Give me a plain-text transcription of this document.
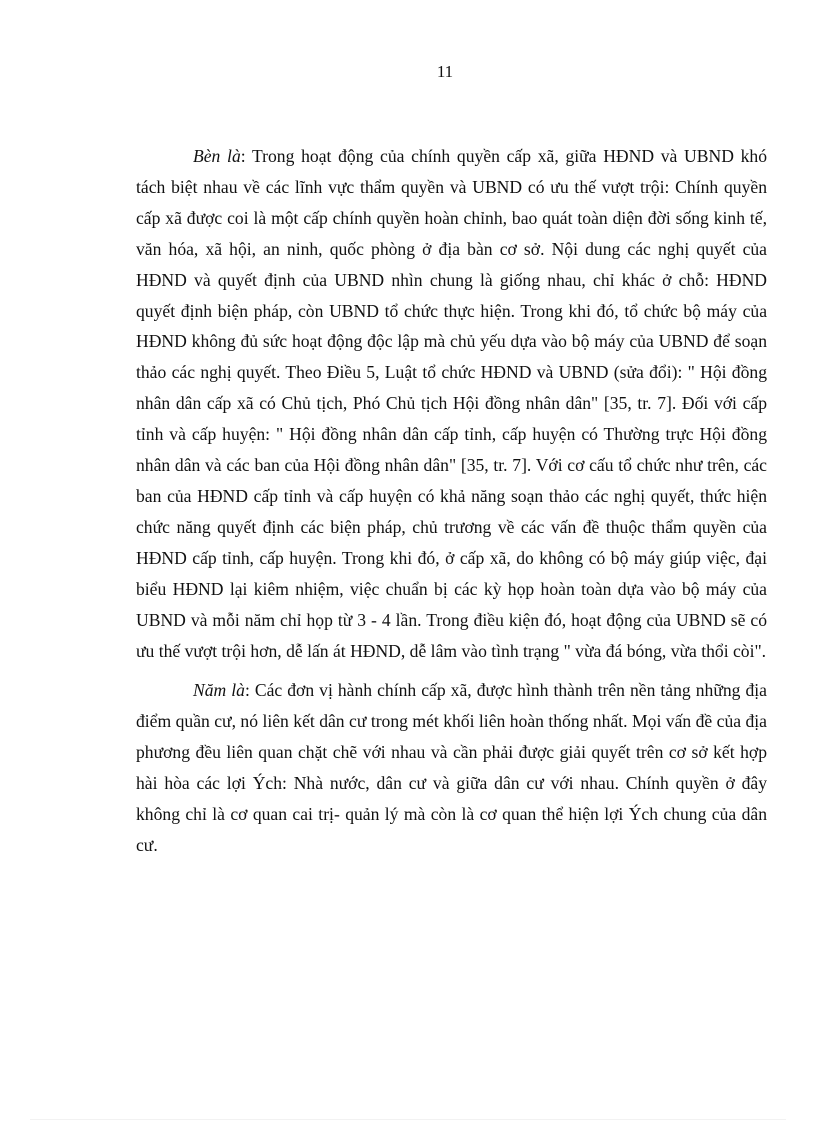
11

Bèn là: Trong hoạt động của chính quyền cấp xã, giữa HĐND và UBND khó tách biệt nhau về các lĩnh vực thẩm quyền và UBND có ưu thế vượt trội: Chính quyền cấp xã được coi là một cấp chính quyền hoàn chỉnh, bao quát toàn diện đời sống kinh tế, văn hóa, xã hội, an ninh, quốc phòng ở địa bàn cơ sở. Nội dung các nghị quyết của HĐND và quyết định của UBND nhìn chung là giống nhau, chỉ khác ở chỗ: HĐND quyết định biện pháp, còn UBND tổ chức thực hiện. Trong khi đó, tổ chức bộ máy của HĐND không đủ sức hoạt động độc lập mà chủ yếu dựa vào bộ máy của UBND để soạn thảo các nghị quyết. Theo Điều 5, Luật tổ chức HĐND và UBND (sửa đổi): " Hội đồng nhân dân cấp xã có Chủ tịch, Phó Chủ tịch Hội đồng nhân dân" [35, tr. 7]. Đối với cấp tỉnh và cấp huyện: " Hội đồng nhân dân cấp tỉnh, cấp huyện có Thường trực Hội đồng nhân dân và các ban của Hội đồng nhân dân" [35, tr. 7]. Với cơ cấu tổ chức như trên, các ban của HĐND cấp tỉnh và cấp huyện có khả năng soạn thảo các nghị quyết, thức hiện chức năng quyết định các biện pháp, chủ trương về các vấn đề thuộc thẩm quyền của HĐND cấp tỉnh, cấp huyện. Trong khi đó, ở cấp xã, do không có bộ máy giúp việc, đại biểu HĐND lại kiêm nhiệm, việc chuẩn bị các kỳ họp hoàn toàn dựa vào bộ máy của UBND và mỗi năm chỉ họp từ 3 - 4 lần. Trong điều kiện đó, hoạt động của UBND sẽ có ưu thế vượt trội hơn, dễ lấn át HĐND, dễ lâm vào tình trạng " vừa đá bóng, vừa thổi còi".

Năm là: Các đơn vị hành chính cấp xã, được hình thành trên nền tảng những địa điểm quần cư, nó liên kết dân cư trong mét khối liên hoàn thống nhất. Mọi vấn đề của địa phương đều liên quan chặt chẽ với nhau và cần phải được giải quyết trên cơ sở kết hợp hài hòa các lợi Ých: Nhà nước, dân cư và giữa dân cư với nhau. Chính quyền ở đây không chỉ là cơ quan cai trị- quản lý mà còn là cơ quan thể hiện lợi Ých chung của dân cư.
